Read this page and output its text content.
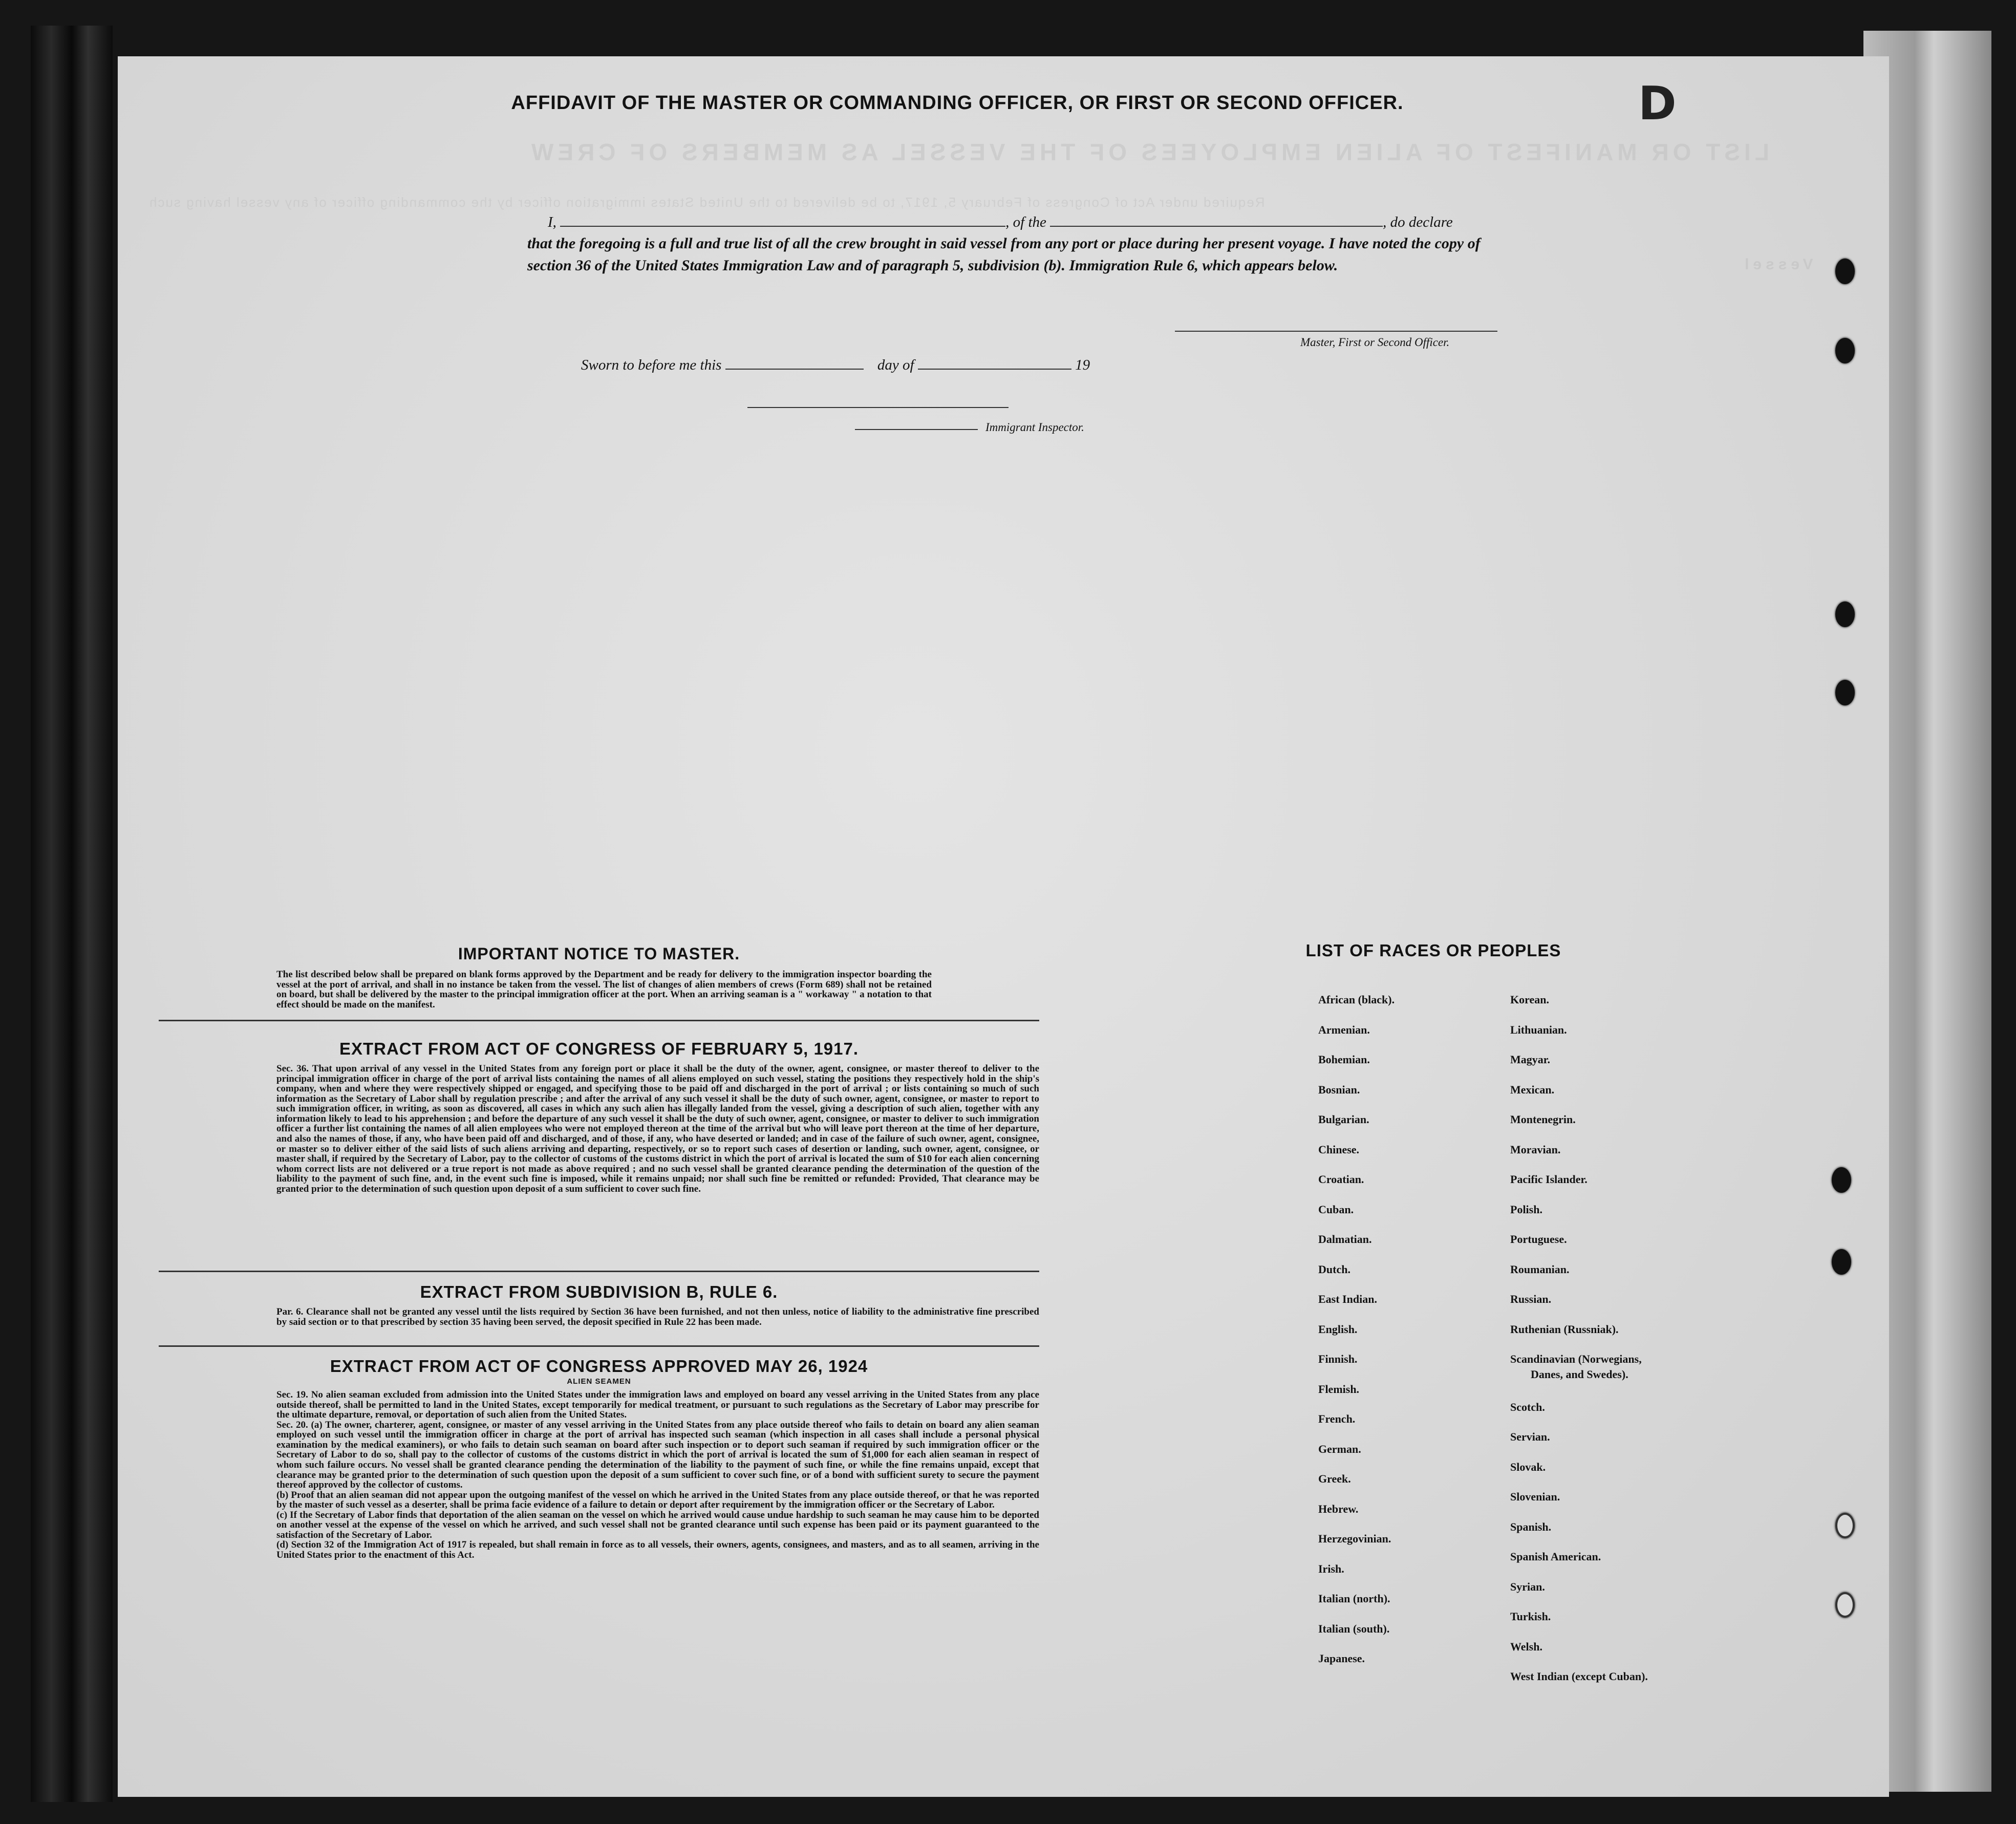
LIST OR MANIFEST OF ALIEN EMPLOYEES OF THE VESSEL AS MEMBERS OF CREW
Required under Act of Congress of February 5, 1917, to be delivered to the United States immigration officer by the commanding officer of any vessel having such
Vessel
D
AFFIDAVIT OF THE MASTER OR COMMANDING OFFICER, OR FIRST OR SECOND OFFICER.
I,	, of the	, do declare
that the foregoing is a full and true list of all the crew brought in said vessel from any port or place during her present voyage. I have noted the copy of section 36 of the United States Immigration Law and of paragraph 5, subdivision (b). Immigration Rule 6, which appears below.
Master, First or Second Officer.
Sworn to before me this	day of	19
Immigrant Inspector.
IMPORTANT NOTICE TO MASTER.

The list described below shall be prepared on blank forms approved by the Department and be ready for delivery to the immigration inspector boarding the vessel at the port of arrival, and shall in no instance be taken from the vessel. The list of changes of alien members of crews (Form 689) shall not be retained on board, but shall be delivered by the master to the principal immigration officer at the port. When an arriving seaman is a " workaway " a notation to that effect should be made on the manifest.

EXTRACT FROM ACT OF CONGRESS OF FEBRUARY 5, 1917.

Sec. 36. That upon arrival of any vessel in the United States from any foreign port or place it shall be the duty of the owner, agent, consignee, or master thereof to deliver to the principal immigration officer in charge of the port of arrival lists containing the names of all aliens employed on such vessel, stating the positions they respectively hold in the ship's company, when and where they were respectively shipped or engaged, and specifying those to be paid off and discharged in the port of arrival ; or lists containing so much of such information as the Secretary of Labor shall by regulation prescribe ; and after the arrival of any such vessel it shall be the duty of such owner, agent, consignee, or master to report to such immigration officer, in writing, as soon as discovered, all cases in which any such alien has illegally landed from the vessel, giving a description of such alien, together with any information likely to lead to his apprehension ; and before the departure of any such vessel it shall be the duty of such owner, agent, consignee, or master to deliver to such immigration officer a further list containing the names of all alien employees who were not employed thereon at the time of the arrival but who will leave port thereon at the time of her departure, and also the names of those, if any, who have been paid off and discharged, and of those, if any, who have deserted or landed; and in case of the failure of such owner, agent, consignee, or master so to deliver either of the said lists of such aliens arriving and departing, respectively, or so to report such cases of desertion or landing, such owner, agent, consignee, or master shall, if required by the Secretary of Labor, pay to the collector of customs of the customs district in which the port of arrival is located the sum of $10 for each alien concerning whom correct lists are not delivered or a true report is not made as above required ; and no such vessel shall be granted clearance pending the determination of the question of the liability to the payment of such fine, and, in the event such fine is imposed, while it remains unpaid; nor shall such fine be remitted or refunded: Provided, That clearance may be granted prior to the determination of such question upon deposit of a sum sufficient to cover such fine.

EXTRACT FROM SUBDIVISION B, RULE 6.

Par. 6. Clearance shall not be granted any vessel until the lists required by Section 36 have been furnished, and not then unless, notice of liability to the administrative fine prescribed by said section or to that prescribed by section 35 having been served, the deposit specified in Rule 22 has been made.

EXTRACT FROM ACT OF CONGRESS APPROVED MAY 26, 1924
ALIEN SEAMEN

Sec. 19. No alien seaman excluded from admission into the United States under the immigration laws and employed on board any vessel arriving in the United States from any place outside thereof, shall be permitted to land in the United States, except temporarily for medical treatment, or pursuant to such regulations as the Secretary of Labor may prescribe for the ultimate departure, removal, or deportation of such alien from the United States.

Sec. 20. (a) The owner, charterer, agent, consignee, or master of any vessel arriving in the United States from any place outside thereof who fails to detain on board any alien seaman employed on such vessel until the immigration officer in charge at the port of arrival has inspected such seaman (which inspection in all cases shall include a personal physical examination by the medical examiners), or who fails to detain such seaman on board after such inspection or to deport such seaman if required by such immigration officer or the Secretary of Labor to do so, shall pay to the collector of customs of the customs district in which the port of arrival is located the sum of $1,000 for each alien seaman in respect of whom such failure occurs. No vessel shall be granted clearance pending the determination of the liability to the payment of such fine, or while the fine remains unpaid, except that clearance may be granted prior to the determination of such question upon the deposit of a sum sufficient to cover such fine, or of a bond with sufficient surety to secure the payment thereof approved by the collector of customs.

(b) Proof that an alien seaman did not appear upon the outgoing manifest of the vessel on which he arrived in the United States from any place outside thereof, or that he was reported by the master of such vessel as a deserter, shall be prima facie evidence of a failure to detain or deport after requirement by the immigration officer or the Secretary of Labor.

(c) If the Secretary of Labor finds that deportation of the alien seaman on the vessel on which he arrived would cause undue hardship to such seaman he may cause him to be deported on another vessel at the expense of the vessel on which he arrived, and such vessel shall not be granted clearance until such expense has been paid or its payment guaranteed to the satisfaction of the Secretary of Labor.

(d) Section 32 of the Immigration Act of 1917 is repealed, but shall remain in force as to all vessels, their owners, agents, consignees, and masters, and as to all seamen, arriving in the United States prior to the enactment of this Act.

LIST OF RACES OR PEOPLES
African (black).
Armenian.
Bohemian.
Bosnian.
Bulgarian.
Chinese.
Croatian.
Cuban.
Dalmatian.
Dutch.
East Indian.
English.
Finnish.
Flemish.
French.
German.
Greek.
Hebrew.
Herzegovinian.
Irish.
Italian (north).
Italian (south).
Japanese.
Korean.
Lithuanian.
Magyar.
Mexican.
Montenegrin.
Moravian.
Pacific Islander.
Polish.
Portuguese.
Roumanian.
Russian.
Ruthenian (Russniak).
Scandinavian (Norwegians,
Danes, and Swedes).
Scotch.
Servian.
Slovak.
Slovenian.
Spanish.
Spanish American.
Syrian.
Turkish.
Welsh.
West Indian (except Cuban).
